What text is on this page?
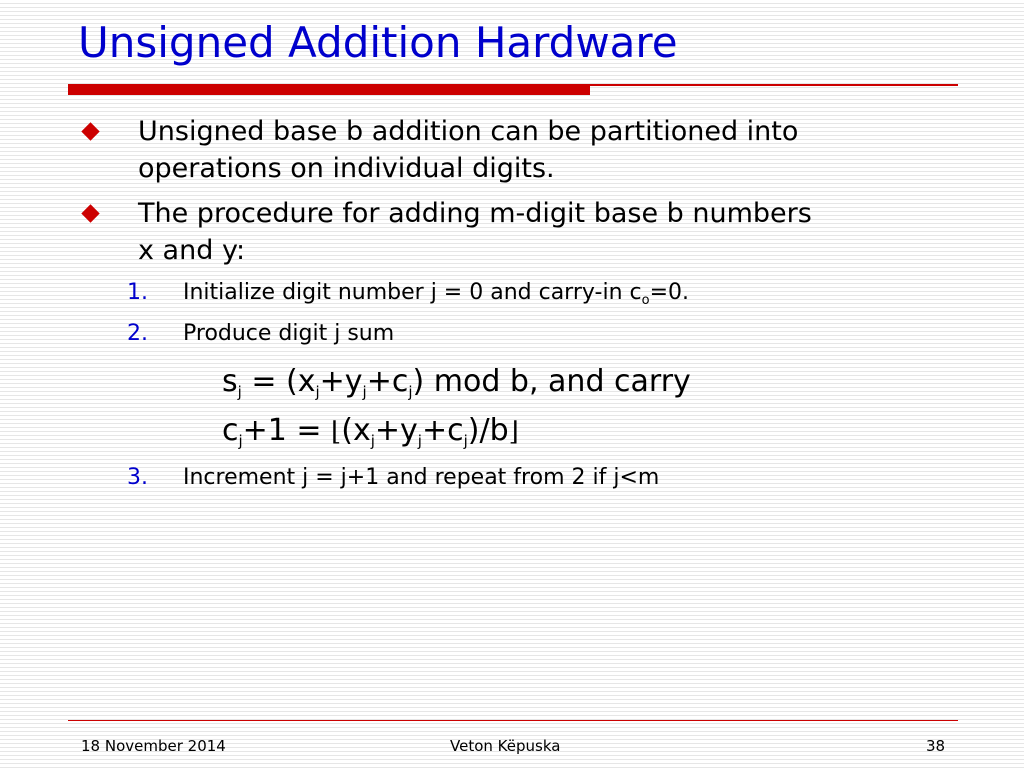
Unsigned Addition Hardware
Unsigned base b addition can be partitioned into
operations on individual digits.
The procedure for adding m-digit base b numbers
x and y:
1. Initialize digit number j = 0 and carry-in $c_o=0$.
2. Produce digit j sum
$s_j = (x_j+y_j+c_j)$ mod b, and carry
$c_j+1$ = $⌊(x_j+y_j+c_j)/b⌋$
3. Increment j = j+1 and repeat from 2 if j<m
18 November 2014	Veton Këpuska	38
